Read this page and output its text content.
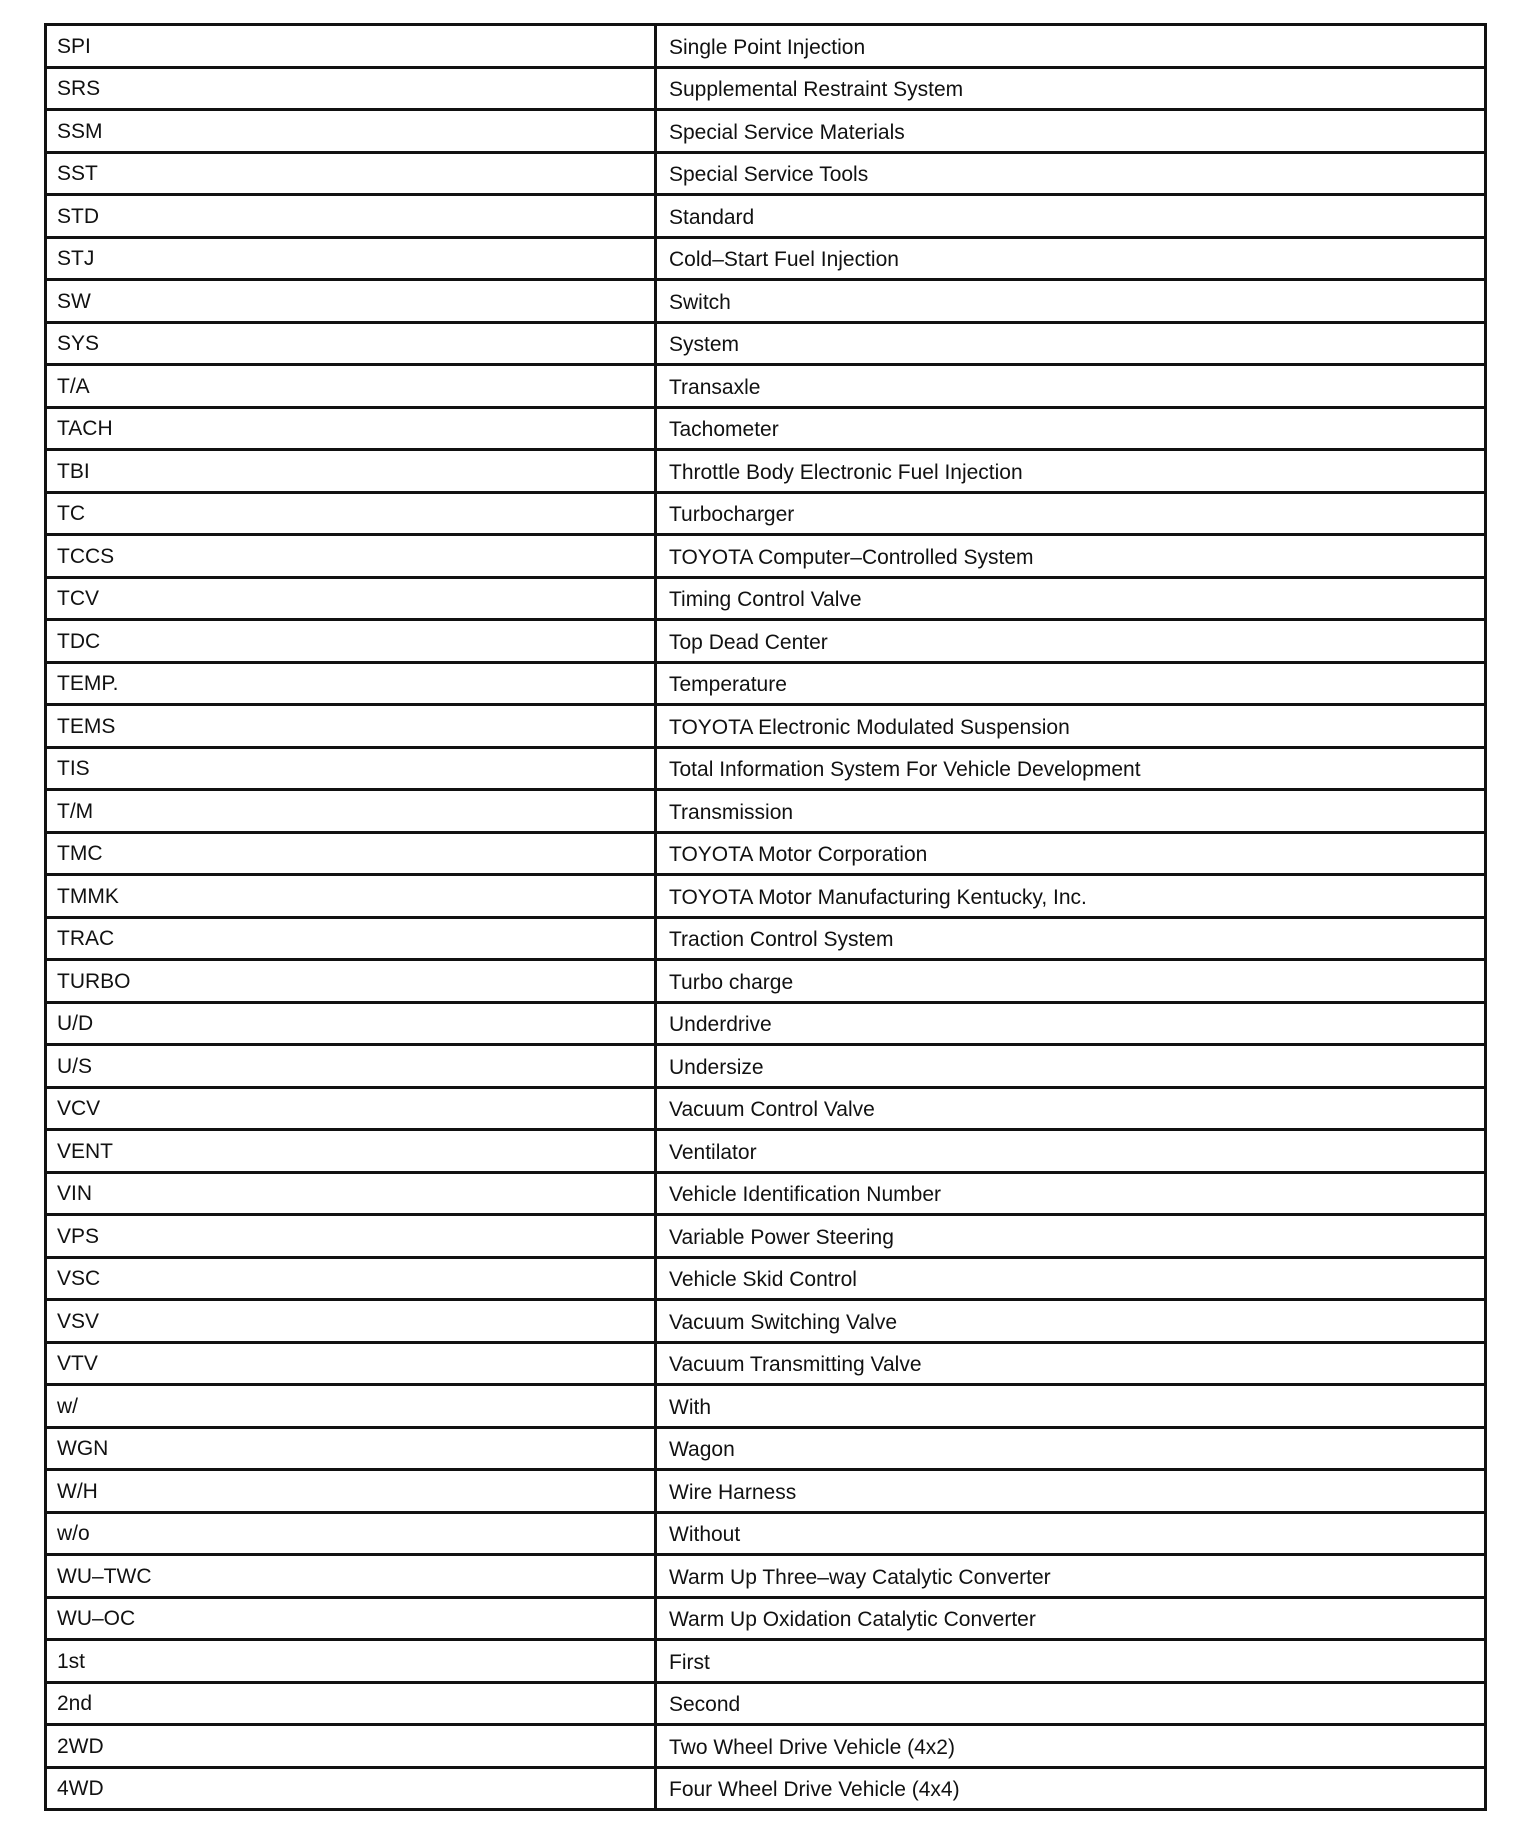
SPI	Single Point Injection
SRS	Supplemental Restraint System
SSM	Special Service Materials
SST	Special Service Tools
STD	Standard
STJ	Cold–Start Fuel Injection
SW	Switch
SYS	System
T/A	Transaxle
TACH	Tachometer
TBI	Throttle Body Electronic Fuel Injection
TC	Turbocharger
TCCS	TOYOTA Computer–Controlled System
TCV	Timing Control Valve
TDC	Top Dead Center
TEMP.	Temperature
TEMS	TOYOTA Electronic Modulated Suspension
TIS	Total Information System For Vehicle Development
T/M	Transmission
TMC	TOYOTA Motor Corporation
TMMK	TOYOTA Motor Manufacturing Kentucky, Inc.
TRAC	Traction Control System
TURBO	Turbo charge
U/D	Underdrive
U/S	Undersize
VCV	Vacuum Control Valve
VENT	Ventilator
VIN	Vehicle Identification Number
VPS	Variable Power Steering
VSC	Vehicle Skid Control
VSV	Vacuum Switching Valve
VTV	Vacuum Transmitting Valve
w/	With
WGN	Wagon
W/H	Wire Harness
w/o	Without
WU–TWC	Warm Up Three–way Catalytic Converter
WU–OC	Warm Up Oxidation Catalytic Converter
1st	First
2nd	Second
2WD	Two Wheel Drive Vehicle (4x2)
4WD	Four Wheel Drive Vehicle (4x4)
